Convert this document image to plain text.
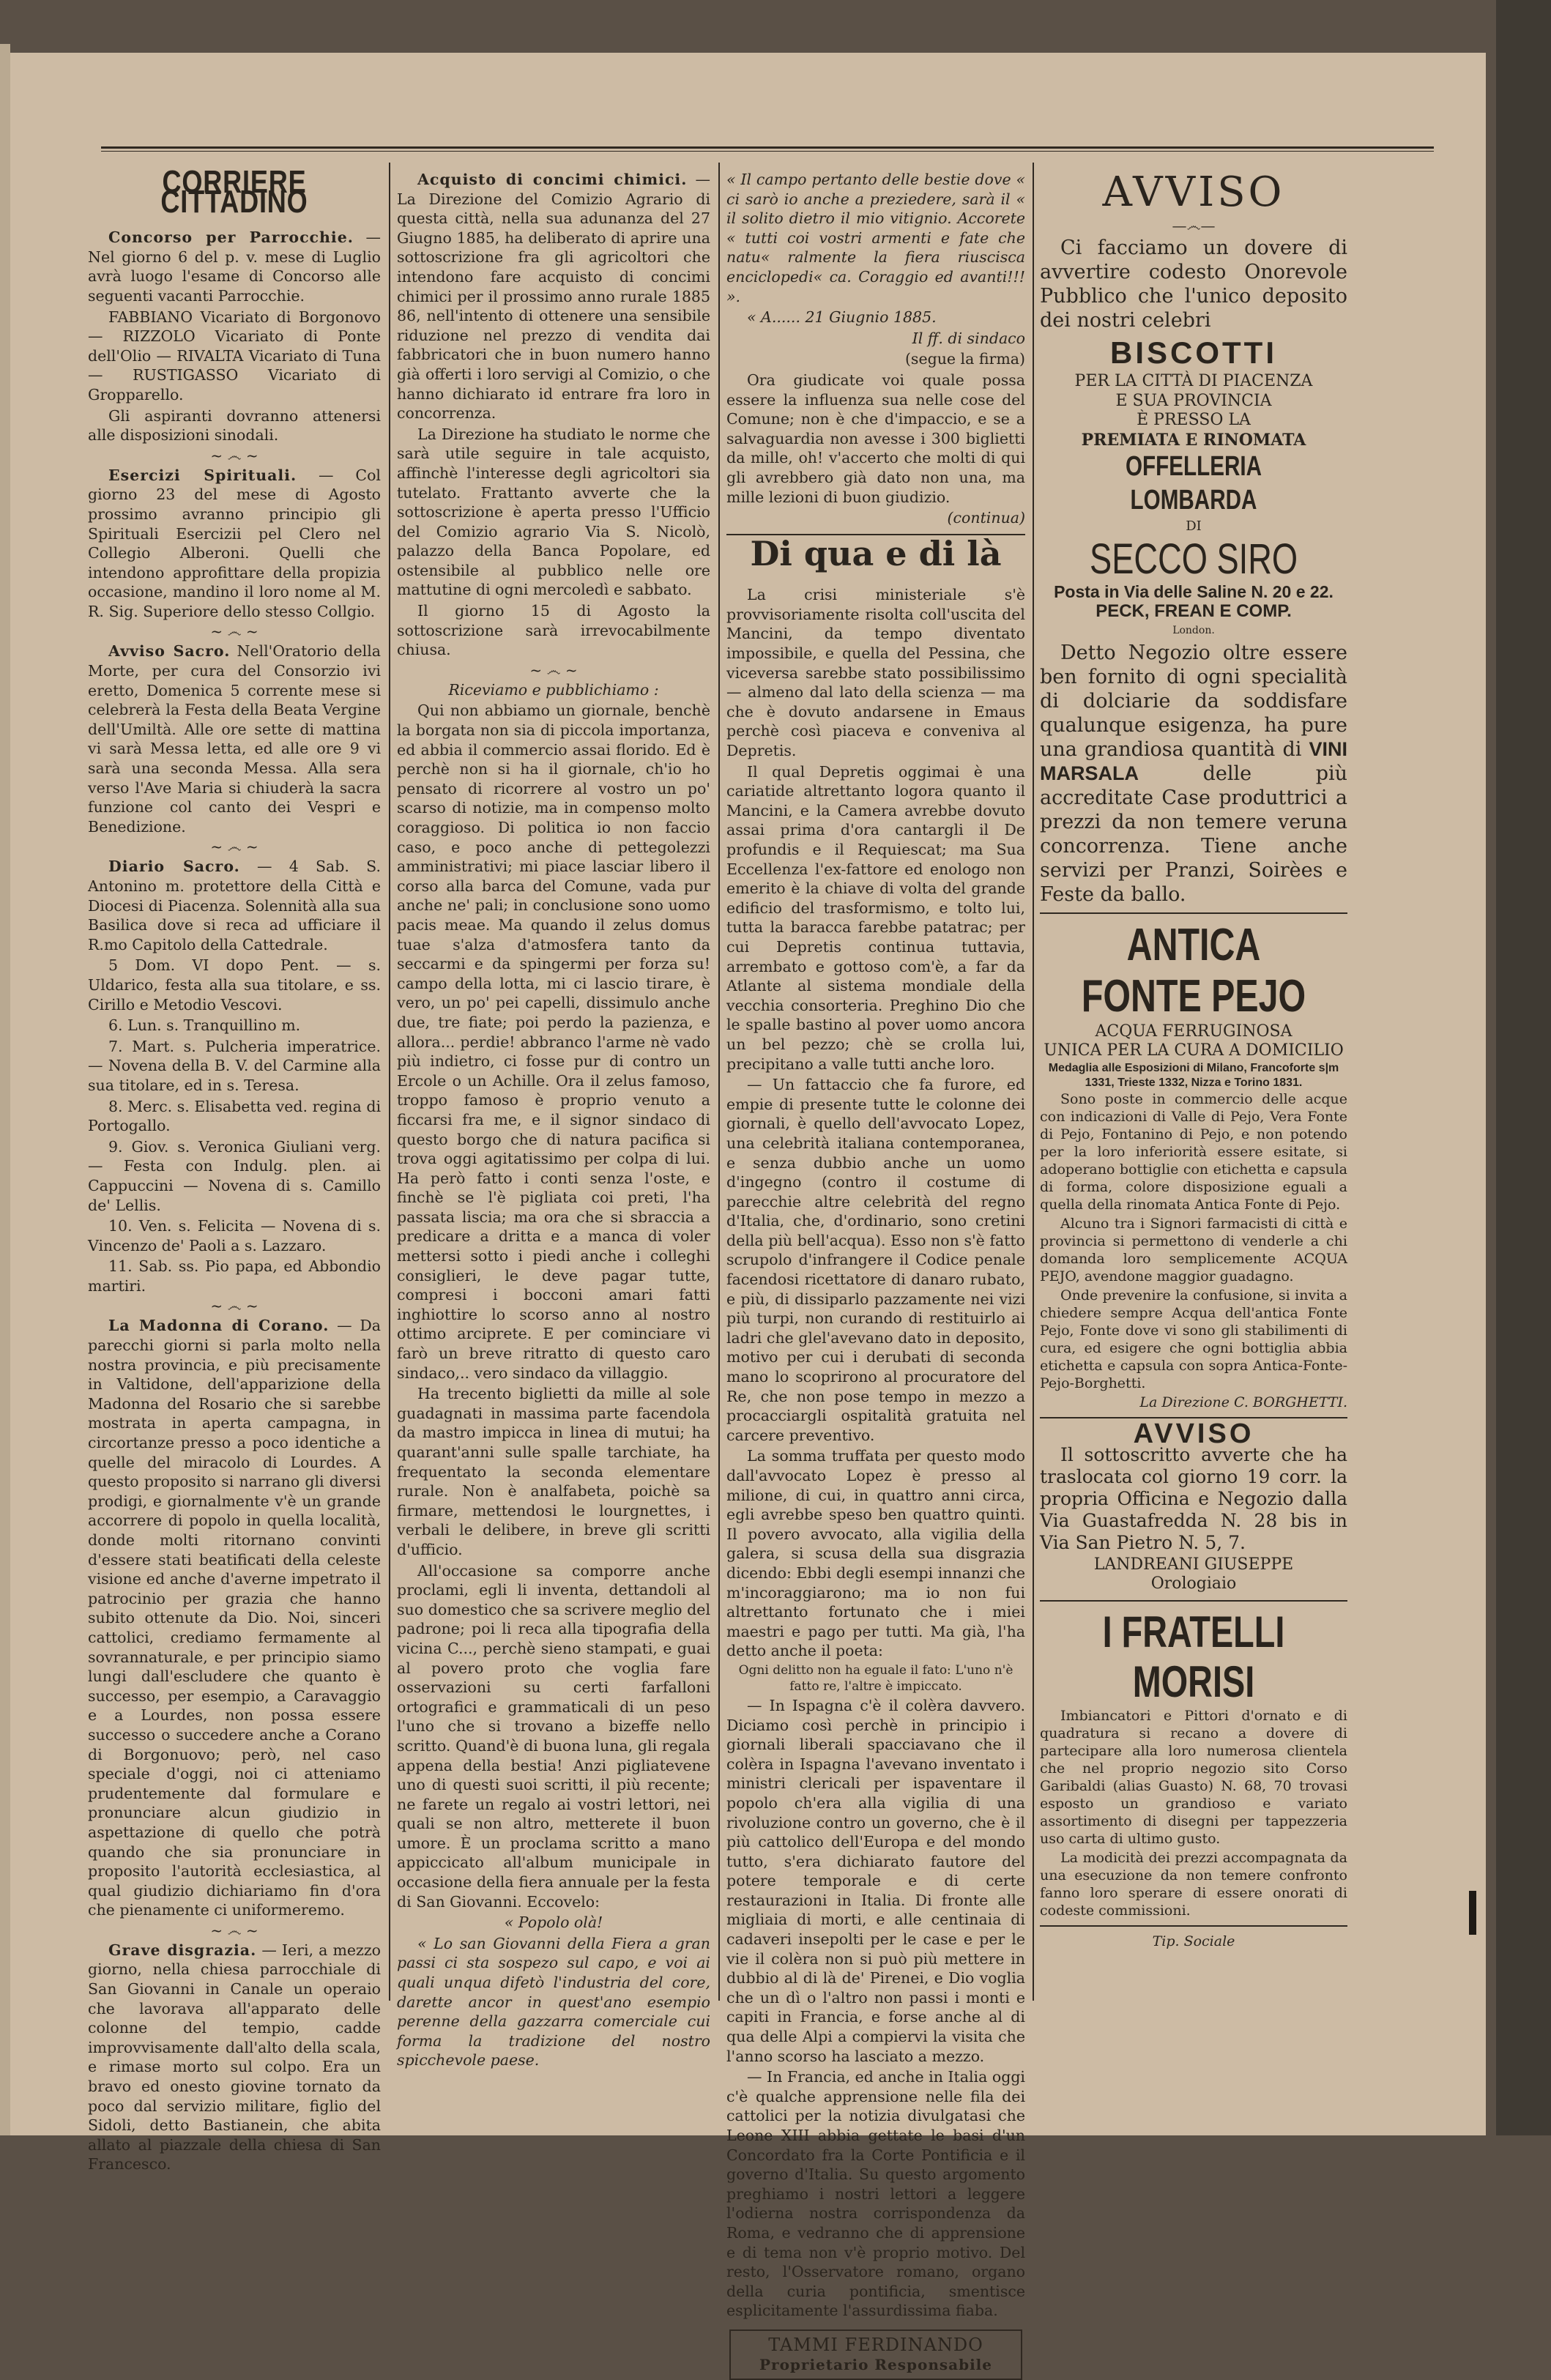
CORRIERE CITTADINO

Concorso per Parrocchie. — Nel giorno 6 del p. v. mese di Luglio avrà luogo l'esame di Concorso alle seguenti vacanti Parrocchie.

FABBIANO Vicariato di Borgonovo — RIZZOLO Vicariato di Ponte dell'Olio — RIVALTA Vicariato di Tuna — RUSTIGASSO Vicariato di Gropparello.

Gli aspiranti dovranno attenersi alle disposizioni sinodali.

~ ෴ ~

Esercizi Spirituali. — Col giorno 23 del mese di Agosto prossimo avranno principio gli Spirituali Esercizii pel Clero nel Collegio Alberoni. Quelli che intendono approfittare della propizia occasione, mandino il loro nome al M. R. Sig. Superiore dello stesso Collgio.

~ ෴ ~

Avviso Sacro. Nell'Oratorio della Morte, per cura del Consorzio ivi eretto, Domenica 5 corrente mese si celebrerà la Festa della Beata Vergine dell'Umiltà. Alle ore sette di mattina vi sarà Messa letta, ed alle ore 9 vi sarà una seconda Messa. Alla sera verso l'Ave Maria si chiuderà la sacra funzione col canto dei Vespri e Benedizione.

~ ෴ ~

Diario Sacro. — 4 Sab. S. Antonino m. protettore della Città e Diocesi di Piacenza. Solennità alla sua Basilica dove si reca ad ufficiare il R.mo Capitolo della Cattedrale.

5 Dom. VI dopo Pent. — s. Uldarico, festa alla sua titolare, e ss. Cirillo e Metodio Vescovi.

6. Lun. s. Tranquillino m.

7. Mart. s. Pulcheria imperatrice. — Novena della B. V. del Carmine alla sua titolare, ed in s. Teresa.

8. Merc. s. Elisabetta ved. regina di Portogallo.

9. Giov. s. Veronica Giuliani verg. — Festa con Indulg. plen. ai Cappuccini — Novena di s. Camillo de' Lellis.

10. Ven. s. Felicita — Novena di s. Vincenzo de' Paoli a s. Lazzaro.

11. Sab. ss. Pio papa, ed Abbondio martiri.

~ ෴ ~

La Madonna di Corano. — Da parecchi giorni si parla molto nella nostra provincia, e più precisamente in Valtidone, dell'apparizione della Madonna del Rosario che si sarebbe mostrata in aperta campagna, in circortanze presso a poco identiche a quelle del miracolo di Lourdes. A questo proposito si narrano gli diversi prodigi, e giornalmente v'è un grande accorrere di popolo in quella località, donde molti ritornano convinti d'essere stati beatificati della celeste visione ed anche d'averne impetrato il patrocinio per grazia che hanno subito ottenute da Dio. Noi, sinceri cattolici, crediamo fermamente al sovrannaturale, e per principio siamo lungi dall'escludere che quanto è successo, per esempio, a Caravaggio e a Lourdes, non possa essere successo o succedere anche a Corano di Borgonuovo; però, nel caso speciale d'oggi, noi ci atteniamo prudentemente dal formulare e pronunciare alcun giudizio in aspettazione di quello che potrà quando che sia pronunciare in proposito l'autorità ecclesiastica, al qual giudizio dichiariamo fin d'ora che pienamente ci uniformeremo.

~ ෴ ~

Grave disgrazia. — Ieri, a mezzo giorno, nella chiesa parrocchiale di San Giovanni in Canale un operaio che lavorava all'apparato delle colonne del tempio, cadde improvvisamente dall'alto della scala, e rimase morto sul colpo. Era un bravo ed onesto giovine tornato da poco dal servizio militare, figlio del Sidoli, detto Bastianein, che abita allato al piazzale della chiesa di San Francesco.

Acquisto di concimi chimici. — La Direzione del Comizio Agrario di questa città, nella sua adunanza del 27 Giugno 1885, ha deliberato di aprire una sottoscrizione fra gli agricoltori che intendono fare acquisto di concimi chimici per il prossimo anno rurale 1885 86, nell'intento di ottenere una sensibile riduzione nel prezzo di vendita dai fabbricatori che in buon numero hanno già offerti i loro servigi al Comizio, o che hanno dichiarato id entrare fra loro in concorrenza.

La Direzione ha studiato le norme che sarà utile seguire in tale acquisto, affinchè l'interesse degli agricoltori sia tutelato. Frattanto avverte che la sottoscrizione è aperta presso l'Ufficio del Comizio agrario Via S. Nicolò, palazzo della Banca Popolare, ed ostensibile al pubblico nelle ore mattutine di ogni mercoledì e sabbato.

Il giorno 15 di Agosto la sottoscrizione sarà irrevocabilmente chiusa.

~ ෴ ~

Riceviamo e pubblichiamo :

Qui non abbiamo un giornale, benchè la borgata non sia di piccola importanza, ed abbia il commercio assai florido. Ed è perchè non si ha il giornale, ch'io ho pensato di ricorrere al vostro un po' scarso di notizie, ma in compenso molto coraggioso. Di politica io non faccio caso, e poco anche di pettegolezzi amministrativi; mi piace lasciar libero il corso alla barca del Comune, vada pur anche ne' pali; in conclusione sono uomo pacis meae. Ma quando il zelus domus tuae s'alza d'atmosfera tanto da seccarmi e da spingermi per forza su! campo della lotta, mi ci lascio tirare, è vero, un po' pei capelli, dissimulo anche due, tre fiate; poi perdo la pazienza, e allora... perdie! abbranco l'arme nè vado più indietro, ci fosse pur di contro un Ercole o un Achille. Ora il zelus famoso, troppo famoso è proprio venuto a ficcarsi fra me, e il signor sindaco di questo borgo che di natura pacifica si trova oggi agitatissimo per colpa di lui. Ha però fatto i conti senza l'oste, e finchè se l'è pigliata coi preti, l'ha passata liscia; ma ora che si sbraccia a predicare a dritta e a manca di voler mettersi sotto i piedi anche i colleghi consiglieri, le deve pagar tutte, compresi i bocconi amari fatti inghiottire lo scorso anno al nostro ottimo arciprete. E per cominciare vi farò un breve ritratto di questo caro sindaco,.. vero sindaco da villaggio.

Ha trecento biglietti da mille al sole guadagnati in massima parte facendola da mastro impicca in linea di mutui; ha quarant'anni sulle spalle tarchiate, ha frequentato la seconda elementare rurale. Non è analfabeta, poichè sa firmare, mettendosi le lourgnettes, i verbali le delibere, in breve gli scritti d'ufficio.

All'occasione sa comporre anche proclami, egli li inventa, dettandoli al suo domestico che sa scrivere meglio del padrone; poi li reca alla tipografia della vicina C..., perchè sieno stampati, e guai al povero proto che voglia fare osservazioni su certi farfalloni ortografici e grammaticali di un peso l'uno che si trovano a bizeffe nello scritto. Quand'è di buona luna, gli regala appena della bestia! Anzi pigliatevene uno di questi suoi scritti, il più recente; ne farete un regalo ai vostri lettori, nei quali se non altro, metterete il buon umore. È un proclama scritto a mano appiccicato all'album municipale in occasione della fiera annuale per la festa di San Giovanni. Eccovelo:

« Popolo olà!

« Lo san Giovanni della Fiera a gran passi ci sta sospezo sul capo, e voi ai quali unqua difetò l'industria del core, darette ancor in quest'ano esempio perenne della gazzarra comerciale cui forma la tradizione del nostro spicchevole paese.

« Il campo pertanto delle bestie dove « ci sarò io anche a preziedere, sarà il « il solito dietro il mio vitignio. Accorete « tutti coi vostri armenti e fate che natu« ralmente la fiera riuscisca enciclopedi« ca. Coraggio ed avanti!!! ».

« A...... 21 Giugnio 1885.

Il ff. di sindaco

(segue la firma)

Ora giudicate voi quale possa essere la influenza sua nelle cose del Comune; non è che d'impaccio, e se a salvaguardia non avesse i 300 biglietti da mille, oh! v'accerto che molti di qui gli avrebbero già dato non una, ma mille lezioni di buon giudizio.

(continua)

Di qua e di là

La crisi ministeriale s'è provvisoriamente risolta coll'uscita del Mancini, da tempo diventato impossibile, e quella del Pessina, che viceversa sarebbe stato possibilissimo — almeno dal lato della scienza — ma che è dovuto andarsene in Emaus perchè così piaceva e conveniva al Depretis.

Il qual Depretis oggimai è una cariatide altrettanto logora quanto il Mancini, e la Camera avrebbe dovuto assai prima d'ora cantargli il De profundis e il Requiescat; ma Sua Eccellenza l'ex-fattore ed enologo non emerito è la chiave di volta del grande edificio del trasformismo, e tolto lui, tutta la baracca farebbe patatrac; per cui Depretis continua tuttavia, arrembato e gottoso com'è, a far da Atlante al sistema mondiale della vecchia consorteria. Preghino Dio che le spalle bastino al pover uomo ancora un bel pezzo; chè se crolla lui, precipitano a valle tutti anche loro.

— Un fattaccio che fa furore, ed empie di presente tutte le colonne dei giornali, è quello dell'avvocato Lopez, una celebrità italiana contemporanea, e senza dubbio anche un uomo d'ingegno (contro il costume di parecchie altre celebrità del regno d'Italia, che, d'ordinario, sono cretini della più bell'acqua). Esso non s'è fatto scrupolo d'infrangere il Codice penale facendosi ricettatore di danaro rubato, e più, di dissiparlo pazzamente nei vizi più turpi, non curando di restituirlo ai ladri che glel'avevano dato in deposito, motivo per cui i derubati di seconda mano lo scoprirono al procuratore del Re, che non pose tempo in mezzo a procacciargli ospitalità gratuita nel carcere preventivo.

La somma truffata per questo modo dall'avvocato Lopez è presso al milione, di cui, in quattro anni circa, egli avrebbe speso ben quattro quinti. Il povero avvocato, alla vigilia della galera, si scusa della sua disgrazia dicendo: Ebbi degli esempi innanzi che m'incoraggiarono; ma io non fui altrettanto fortunato che i miei maestri e pago per tutti. Ma già, l'ha detto anche il poeta:

Ogni delitto non ha eguale il fato: L'uno n'è fatto re, l'altre è impiccato.

— In Ispagna c'è il colèra davvero. Diciamo così perchè in principio i giornali liberali spacciavano che il colèra in Ispagna l'avevano inventato i ministri clericali per ispaventare il popolo ch'era alla vigilia di una rivoluzione contro un governo, che è il più cattolico dell'Europa e del mondo tutto, s'era dichiarato fautore del potere temporale e di certe restaurazioni in Italia. Di fronte alle migliaia di morti, e alle centinaia di cadaveri insepolti per le case e per le vie il colèra non si può più mettere in dubbio al di là de' Pirenei, e Dio voglia che un dì o l'altro non passi i monti e capiti in Francia, e forse anche al di qua delle Alpi a compiervi la visita che l'anno scorso ha lasciato a mezzo.

— In Francia, ed anche in Italia oggi c'è qualche apprensione nelle fila dei cattolici per la notizia divulgatasi che Leone XIII abbia gettate le basi d'un Concordato fra la Corte Pontificia e il governo d'Italia. Su questo argomento preghiamo i nostri lettori a leggere l'odierna nostra corrispondenza da Roma, e vedranno che di apprensione e di tema non v'è proprio motivo. Del resto, l'Osservatore romano, organo della curia pontificia, smentisce esplicitamente l'assurdissima fiaba.

TAMMI FERDINANDO
Proprietario Responsabile
AVVISO
—෴—

Ci facciamo un dovere di avvertire codesto Onorevole Pubblico che l'unico deposito dei nostri celebri

BISCOTTI
PER LA CITTÀ DI PIACENZA
E SUA PROVINCIA
È PRESSO LA
PREMIATA E RINOMATA
OFFELLERIA LOMBARDA
DI
SECCO SIRO
Posta in Via delle Saline N. 20 e 22.
PECK, FREAN E COMP.
London.

Detto Negozio oltre essere ben fornito di ogni specialità di dolciarie da soddisfare qualunque esigenza, ha pure una grandiosa quantità di VINI MARSALA	delle più accreditate Case produttrici a prezzi da non temere veruna concorrenza. Tiene anche servizi per Pranzi, Soirèes e Feste da ballo.

ANTICA FONTE PEJO
ACQUA FERRUGINOSA
UNICA PER LA CURA A DOMICILIO
Medaglia alle Esposizioni di Milano, Francoforte s|m 1331, Trieste 1332, Nizza e Torino 1831.

Sono poste in commercio delle acque con indicazioni di Valle di Pejo, Vera Fonte di Pejo, Fontanino di Pejo, e non potendo per la loro inferiorità essere esitate, si adoperano bottiglie con etichetta e capsula di forma, colore disposizione eguali a quella della rinomata Antica Fonte di Pejo.

Alcuno tra i Signori farmacisti di città e provincia si permettono di venderle a chi domanda loro semplicemente ACQUA PEJO, avendone maggior guadagno.

Onde prevenire la confusione, si invita a chiedere sempre Acqua dell'antica Fonte Pejo, Fonte dove vi sono gli stabilimenti di cura, ed esigere che ogni bottiglia abbia etichetta e capsula con sopra Antica-Fonte-Pejo-Borghetti.

La Direzione C. BORGHETTI.

AVVISO

Il sottoscritto avverte che ha traslocata col giorno 19 corr. la propria Officina e Negozio dalla Via Guastafredda N. 28 bis in Via San Pietro N. 5, 7.

LANDREANI GIUSEPPE
Orologiaio
I FRATELLI MORISI

Imbiancatori e Pittori d'ornato e di quadratura si recano a dovere di partecipare alla loro numerosa clientela che nel proprio negozio sito Corso Garibaldi (alias Guasto) N. 68, 70 trovasi esposto un grandioso e variato assortimento di disegni per tappezzeria uso carta di ultimo gusto.

La modicità dei prezzi accompagnata da una esecuzione da non temere confronto fanno loro sperare di essere onorati di codeste commissioni.

Tip. Sociale
